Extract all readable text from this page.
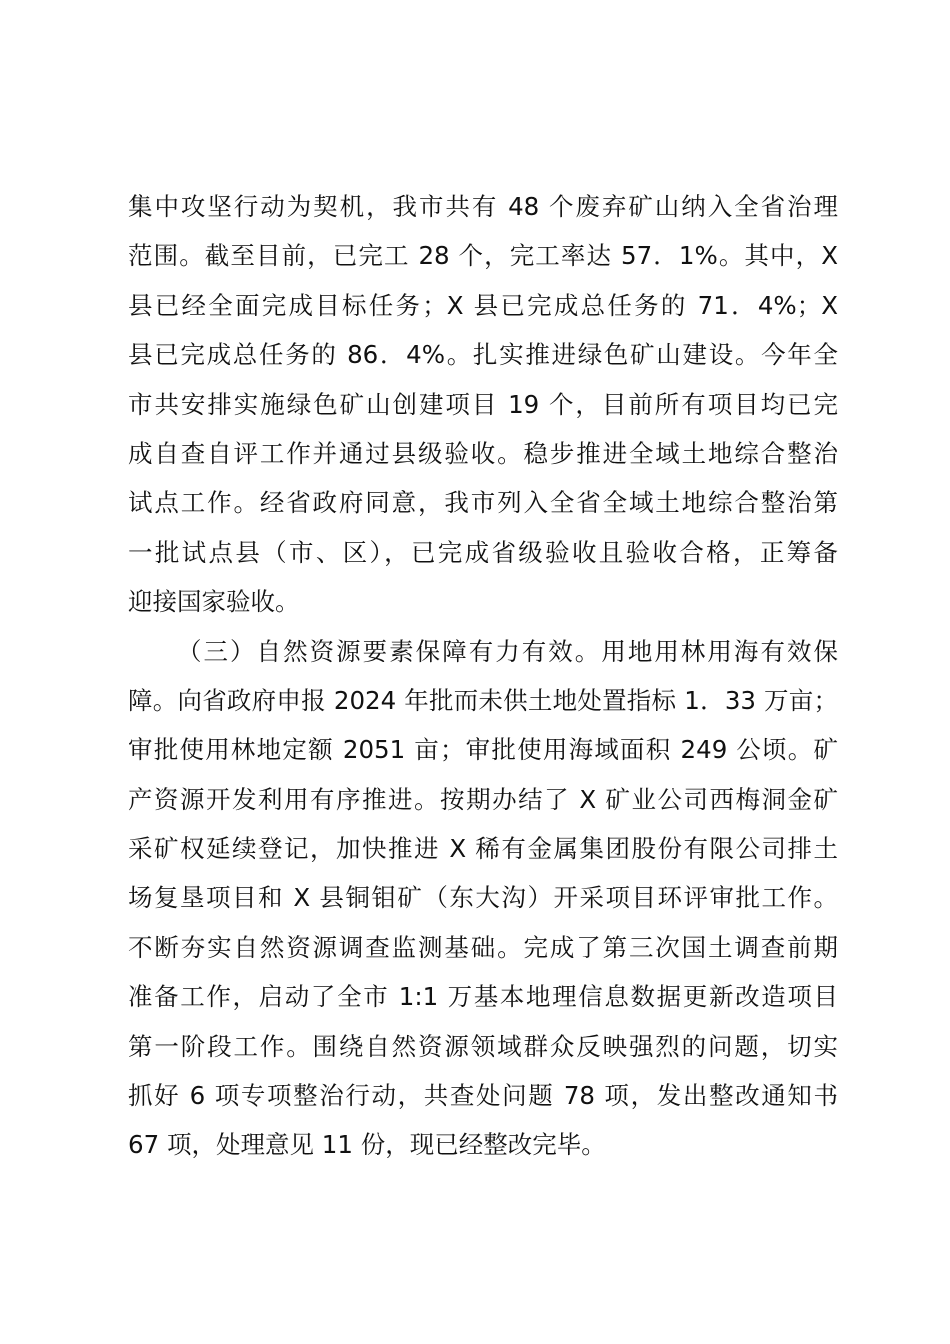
集中攻坚行动为契机，我市共有 48 个废弃矿山纳入全省治理
范围。截至目前，已完工 28 个，完工率达 57．1%。其中，X
县已经全面完成目标任务；X 县已完成总任务的 71．4%；X
县已完成总任务的 86．4%。扎实推进绿色矿山建设。今年全
市共安排实施绿色矿山创建项目 19 个，目前所有项目均已完
成自查自评工作并通过县级验收。稳步推进全域土地综合整治
试点工作。经省政府同意，我市列入全省全域土地综合整治第
一批试点县（市、区），已完成省级验收且验收合格，正筹备
迎接国家验收。
（三）自然资源要素保障有力有效。用地用林用海有效保
障。向省政府申报 2024 年批而未供土地处置指标 1．33 万亩；
审批使用林地定额 2051 亩；审批使用海域面积 249 公顷。矿
产资源开发利用有序推进。按期办结了 X 矿业公司西梅洞金矿
采矿权延续登记，加快推进 X 稀有金属集团股份有限公司排土
场复垦项目和 X 县铜钼矿（东大沟）开采项目环评审批工作。
不断夯实自然资源调查监测基础。完成了第三次国土调查前期
准备工作，启动了全市 1:1 万基本地理信息数据更新改造项目
第一阶段工作。围绕自然资源领域群众反映强烈的问题，切实
抓好 6 项专项整治行动，共查处问题 78 项，发出整改通知书
67 项，处理意见 11 份，现已经整改完毕。
